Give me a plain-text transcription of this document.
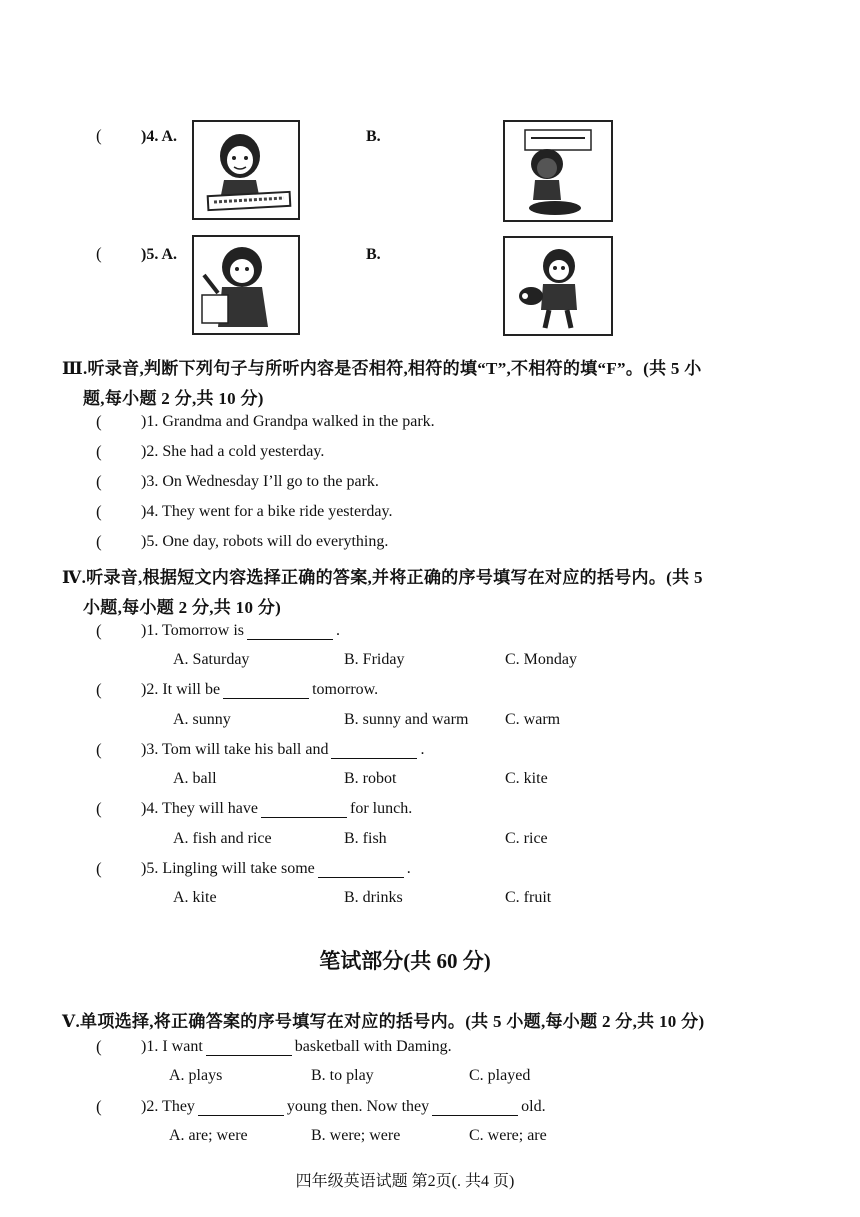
( )4. A.	B.
( )5. A.	B.
Ⅲ.听录音,判断下列句子与所听内容是否相符,相符的填“T”,不相符的填“F”。(共 5 小
题,每小题 2 分,共 10 分)
( )1. Grandma and Grandpa walked in the park.
( )2. She had a cold yesterday.
( )3. On Wednesday I’ll go to the park.
( )4. They went for a bike ride yesterday.
( )5. One day, robots will do everything.
Ⅳ.听录音,根据短文内容选择正确的答案,并将正确的序号填写在对应的括号内。(共 5
小题,每小题 2 分,共 10 分)
( )1. Tomorrow is	.
A. Saturday	B. Friday	C. Monday
( )2. It will be	tomorrow.
A. sunny	B. sunny and warm C. warm
( )3. Tom will take his ball and	.
A. ball	B. robot	C. kite
( )4. They will have	for lunch.
A. fish and rice	B. fish	C. rice
( )5. Lingling will take some	.
A. kite	B. drinks	C. fruit
笔试部分(共 60 分)
Ⅴ.单项选择,将正确答案的序号填写在对应的括号内。(共 5 小题,每小题 2 分,共 10 分)
( )1. I want	basketball with Daming.
A. plays	B. to play	C. played
( )2. They	young then. Now they	old.
A. are; were	B. were; were	C. were; are
四年级英语试题 第2页(. 共4 页)
